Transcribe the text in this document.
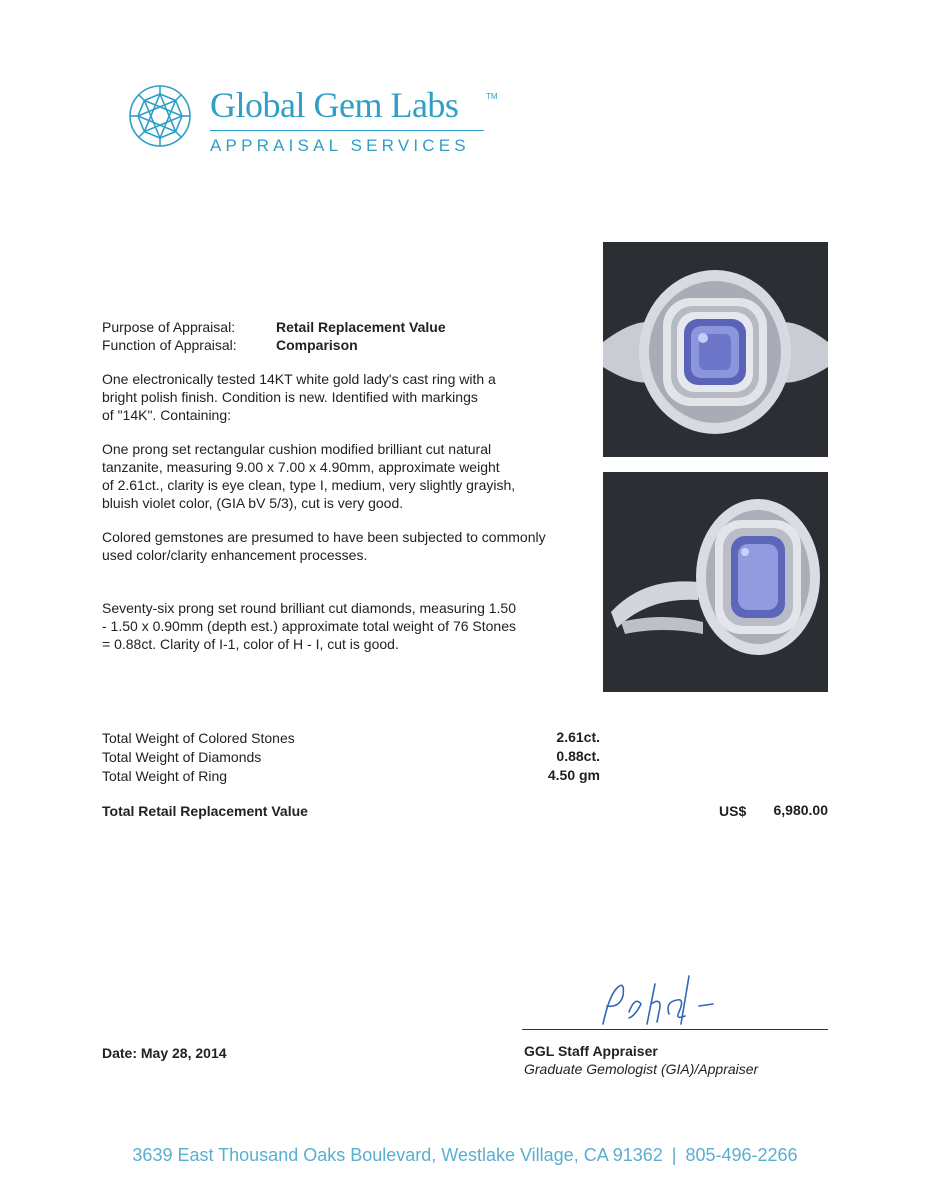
Global Gem Labs
APPRAISAL SERVICES
TM
Purpose of Appraisal:	Retail Replacement Value
Function of Appraisal:	Comparison
One electronically tested 14KT white gold lady's cast ring with a
bright polish finish. Condition is new. Identified with markings
of "14K". Containing:
One prong set rectangular cushion modified brilliant cut natural
tanzanite, measuring 9.00 x 7.00 x 4.90mm, approximate weight
of 2.61ct., clarity is eye clean, type I, medium, very slightly grayish,
bluish violet color, (GIA bV 5/3), cut is very good.
Colored gemstones are presumed to have been subjected to commonly
used color/clarity enhancement processes.
Seventy-six prong set round brilliant cut diamonds, measuring 1.50
- 1.50 x 0.90mm (depth est.) approximate total weight of 76 Stones
= 0.88ct. Clarity of I-1, color of H - I, cut is good.
Total Weight of Colored Stones	2.61ct.
Total Weight of Diamonds	0.88ct.
Total Weight of Ring	4.50 gm
Total Retail Replacement Value	US$	6,980.00
Date: May 28, 2014	GGL Staff Appraiser
Graduate Gemologist (GIA)/Appraiser
3639 East Thousand Oaks Boulevard, Westlake Village, CA 91362 | 805-496-2266
